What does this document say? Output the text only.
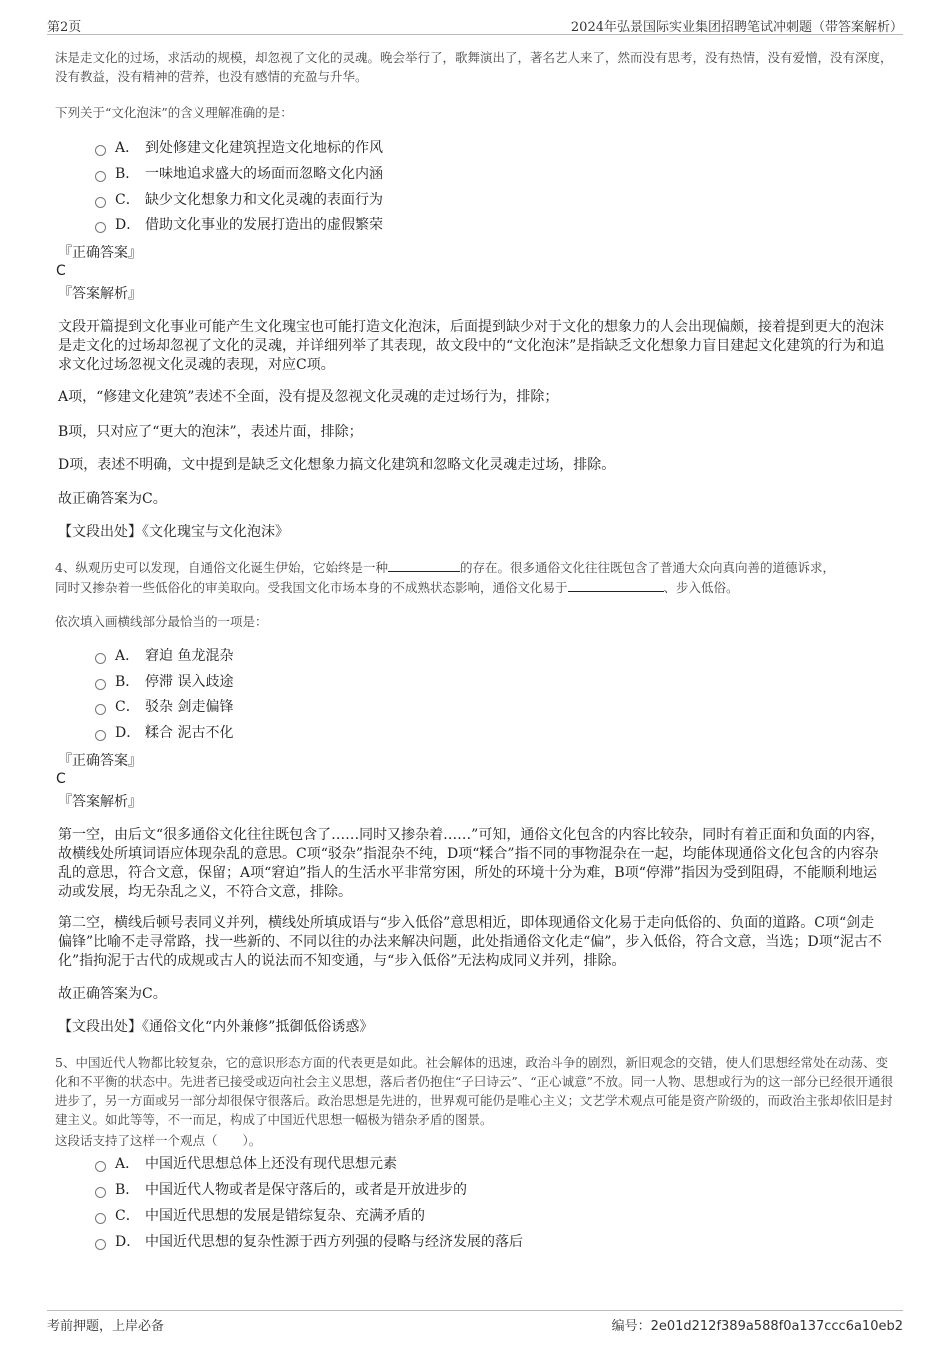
第2页	2024年弘景国际实业集团招聘笔试冲刺题（带答案解析）
沫是走文化的过场，求活动的规模，却忽视了文化的灵魂。晚会举行了，歌舞演出了，著名艺人来了，然而没有思考，没有热情，没有爱憎，没有深度，没有教益，没有精神的营养，也没有感情的充盈与升华。
下列关于“文化泡沫”的含义理解准确的是：
A． 到处修建文化建筑捏造文化地标的作风
B． 一味地追求盛大的场面而忽略文化内涵
C． 缺少文化想象力和文化灵魂的表面行为
D． 借助文化事业的发展打造出的虚假繁荣
『正确答案』
C
『答案解析』
文段开篇提到文化事业可能产生文化瑰宝也可能打造文化泡沫，后面提到缺少对于文化的想象力的人会出现偏颇，接着提到更大的泡沫是走文化的过场却忽视了文化的灵魂，并详细列举了其表现，故文段中的“文化泡沫”是指缺乏文化想象力盲目建起文化建筑的行为和追求文化过场忽视文化灵魂的表现，对应C项。
A项，“修建文化建筑”表述不全面，没有提及忽视文化灵魂的走过场行为，排除；
B项，只对应了“更大的泡沫”，表述片面，排除；
D项，表述不明确，文中提到是缺乏文化想象力搞文化建筑和忽略文化灵魂走过场，排除。
故正确答案为C。
【文段出处】《文化瑰宝与文化泡沫》
4、纵观历史可以发现，自通俗文化诞生伊始，它始终是一种	的存在。很多通俗文化往往既包含了普通大众向真向善的道德诉求，
同时又掺杂着一些低俗化的审美取向。受我国文化市场本身的不成熟状态影响，通俗文化易于	、步入低俗。
依次填入画横线部分最恰当的一项是：
A． 窘迫 鱼龙混杂
B． 停滞 误入歧途
C． 驳杂 剑走偏锋
D． 糅合 泥古不化
『正确答案』
C
『答案解析』
第一空，由后文“很多通俗文化往往既包含了……同时又掺杂着……”可知，通俗文化包含的内容比较杂，同时有着正面和负面的内容，故横线处所填词语应体现杂乱的意思。C项“驳杂”指混杂不纯，D项“糅合”指不同的事物混杂在一起，均能体现通俗文化包含的内容杂乱的意思，符合文意，保留；A项“窘迫”指人的生活水平非常穷困，所处的环境十分为难，B项“停滞”指因为受到阻碍，不能顺利地运动或发展，均无杂乱之义，不符合文意，排除。
第二空，横线后顿号表同义并列，横线处所填成语与“步入低俗”意思相近，即体现通俗文化易于走向低俗的、负面的道路。C项“剑走偏锋”比喻不走寻常路，找一些新的、不同以往的办法来解决问题，此处指通俗文化走“偏”，步入低俗，符合文意，当选；D项“泥古不化”指拘泥于古代的成规或古人的说法而不知变通，与“步入低俗”无法构成同义并列，排除。
故正确答案为C。
【文段出处】《通俗文化“内外兼修”抵御低俗诱惑》
5、中国近代人物都比较复杂，它的意识形态方面的代表更是如此。社会解体的迅速，政治斗争的剧烈，新旧观念的交错，使人们思想经常处在动荡、变化和不平衡的状态中。先进者已接受或迈向社会主义思想，落后者仍抱住“子曰诗云”、“正心诚意”不放。同一人物、思想或行为的这一部分已经很开通很进步了，另一方面或另一部分却很保守很落后。政治思想是先进的，世界观可能仍是唯心主义；文艺学术观点可能是资产阶级的，而政治主张却依旧是封建主义。如此等等，不一而足，构成了中国近代思想一幅极为错杂矛盾的图景。
这段话支持了这样一个观点（　　）。
A． 中国近代思想总体上还没有现代思想元素
B． 中国近代人物或者是保守落后的，或者是开放进步的
C． 中国近代思想的发展是错综复杂、充满矛盾的
D． 中国近代思想的复杂性源于西方列强的侵略与经济发展的落后
考前押题，上岸必备	编号：2e01d212f389a588f0a137ccc6a10eb2
